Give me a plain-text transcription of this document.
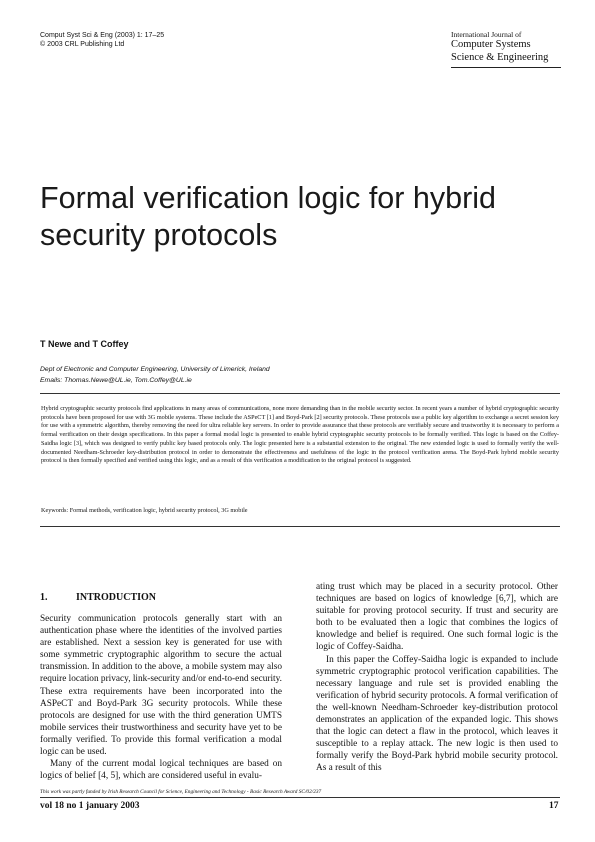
Comput Syst Sci & Eng (2003) 1: 17–25
© 2003 CRL Publishing Ltd
International Journal of
Computer Systems
Science & Engineering
Formal verification logic for hybrid
security protocols
T Newe and T Coffey
Dept of Electronic and Computer Engineering, University of Limerick, Ireland
Emails: Thomas.Newe@UL.ie, Tom.Coffey@UL.ie
Hybrid cryptographic security protocols find applications in many areas of communications, none more demanding than in the mobile security sector. In recent years a number of hybrid cryptographic security protocols have been proposed for use with 3G mobile systems. These include the ASPeCT [1] and Boyd-Park [2] security protocols. These protocols use a public key algorithm to exchange a secret session key for use with a symmetric algorithm, thereby removing the need for ultra reliable key servers. In order to provide assurance that these protocols are verifiably secure and trustworthy it is necessary to perform a formal verification on their design specifications. In this paper a formal modal logic is presented to enable hybrid cryptographic security protocols to be formally verified. This logic is based on the Coffey-Saidha logic [3], which was designed to verify public key based protocols only. The logic presented here is a substantial extension to the original. The new extended logic is used to formally verify the well-documented Needham-Schroeder key-distribution protocol in order to demonstrate the effectiveness and usefulness of the logic in the protocol verification arena. The Boyd-Park hybrid mobile security protocol is then formally specified and verified using this logic, and as a result of this verification a modification to the original protocol is suggested.
Keywords: Formal methods, verification logic, hybrid security protocol, 3G mobile
1.	INTRODUCTION

Security communication protocols generally start with an authentication phase where the identities of the involved parties are established. Next a session key is generated for use with some symmetric cryptographic algorithm to secure the actual transmission. In addition to the above, a mobile system may also require location privacy, link-security and/or end-to-end security. These extra requirements have been incorporated into the ASPeCT and Boyd-Park 3G security protocols. While these protocols are designed for use with the third generation UMTS mobile services their trustworthiness and security have yet to be formally verified. To provide this formal verification a modal logic can be used.

Many of the current modal logical techniques are based on logics of belief [4, 5], which are considered useful in evalu-

ating trust which may be placed in a security protocol. Other techniques are based on logics of knowledge [6,7], which are suitable for proving protocol security. If trust and security are both to be evaluated then a logic that combines the logics of knowledge and belief is required. One such formal logic is the logic of Coffey-Saidha.

In this paper the Coffey-Saidha logic is expanded to include symmetric cryptographic protocol verification capabilities. The necessary language and rule set is provided enabling the verification of hybrid security protocols. A formal verification of the well-known Needham-Schroeder key-distribution protocol demonstrates an application of the expanded logic. This shows that the logic can detect a flaw in the protocol, which leaves it susceptible to a replay attack. The new logic is then used to formally verify the Boyd-Park hybrid mobile security protocol. As a result of this

This work was partly funded by Irish Research Council for Science, Engineering and Technology - Basic Research Award SC/02/237
vol 18 no 1 january 2003	17
